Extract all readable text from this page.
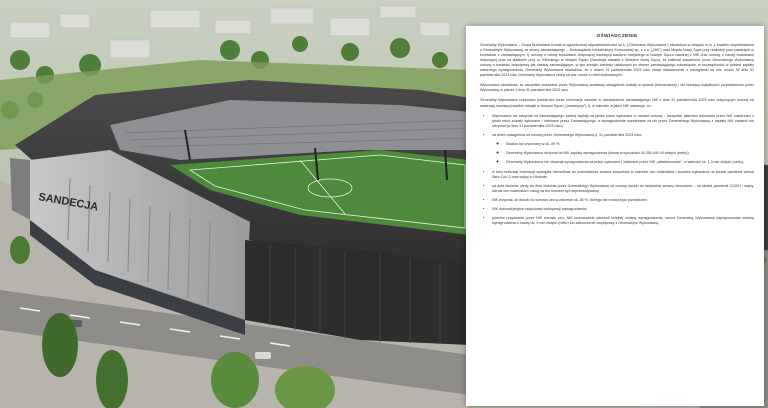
SANDECJA
OŚWIADCZENIE

Generalny Wykonawca – Grupa Budowlana Kusiak w ograniczonej odpowiedzialności sp.k. („Generalny Wykonawca") oświadcza w związku m.in. z brakiem współdziałania z Generalnym Wykonawcą ze strony zamawiającego – Nowosądecki Infrastruktury Komunalnej sp. z o.o. („NIK") oraz Miasta Nowy Sącz przy realizacji prac zawartych w kontrakcie z zamawiającym, tj. umowy o roboty budowlane dotyczącej inwestycji stadionu miejskiego w Nowym Sączu zawartej z NIK oraz umowy o roboty budowlane dotyczącej prac na stadionie przy ul. Kilińskiego w Nowym Sączu (Sandecja zawarte z Miastem Nowy Sącz), że zaistniał zasadności przez Generalnego Wykonawcę umowy o trwałości współpracy jak zasady zamawiającym, w tym kredytu wartości ustalonych po stronie zamawiającego zobowiązań, w szczególności w postaci zapłaty należnego wynagrodzenia, Generalny Wykonawca oświadcza, że z dniem 31 października 2023 roku złożył oświadczenie o odstąpieniu od ww. umów. W dniu 31 października 2023 roku Generalny Wykonawca złożył od ww. umów z robót budowlanych.

Wykonawca oświadcza, że wszystkie wskazane przez Wykonawcę podstawy odstąpienia zostały w sposób jednoznaczny i nie budzący wątpliwości przedstawione przez Wykonawcę w piśmie z dnia 31 października 2023 roku.

Generalny Wykonawca częściowo potwierdza także informacje zawarte w oświadczeniu zamawiającego NIK z dnia 31 października 2023 roku dotyczącym umowy na realizację inwestycji stadion miejski w Nowym Sączu („Inwestycja"), tj. w zakresie w jakim NIK wskazuje, że:

• Wykonawca nie otrzymał od Zamawiającego żadnej zapłaty za jakieś prace wykonane w ramach umowy – wszystkie płatności dokonane przez NIK należności z tytułu robót zostały wykonane i odebrane przez Zamawiającego, a wynagrodzenie oczekiwane za nie przez Generalnego Wykonawcę z zapłaty NIK zapłacić nie otrzymał (w dniu 31 października 2023 roku);
• na dzień odstąpienia od umowy przez Generalnego Wykonawcę tj. 31 października 2023 roku:
◦ Stadion był wykonany w ok. 89 %;
◦ Generalny Wykonawca otrzymał od NIK zapłatę wynagrodzenia (kwota w wysokości 40.350.440,49 złotych (netto));
◦ Generalny Wykonawca nie otrzymał wynagrodzenia za prace wykonane i odebrane przez NIK „zafakturowane", w wartości ok. 1,3 mln złotych (netto);
• w toku realizacji Inwestycji wystąpiła niemożliwa do przewidzenia zmiana stosunków w zakresie cen materiałów i kosztów wykonania na skutek pandemii wirusa Sars-CoV-2 oraz wojny w Ukrainie;
• od dnia złożenia oferty do dnia złożenia przez Generalnego Wykonawcę od umowy doszło do radykalnej zmiany stosunków – na skutek pandemii COVID i wojny, wzrost cen materiałów i usług na ten moment był nieprzewidywalny;
• NIK przyznał, że doszło do wzrostu cen w zakresie ok. 38 %, którego nie można było przewidzieć;
• NIK dokonał jedynie częściowej waloryzacji wynagrodzenia;
• pomimo przyznania przez NIK wzrostu cen, NIK bezzasadnie odmówił kolejnej zmiany wynagrodzenia, strona Generalny Wykonawca zaproponowała zmianę wynagrodzenia o kwotę ok. 9 mln złotych (netto) lub zakończenie współpracy z Generalnym Wykonawcą.
